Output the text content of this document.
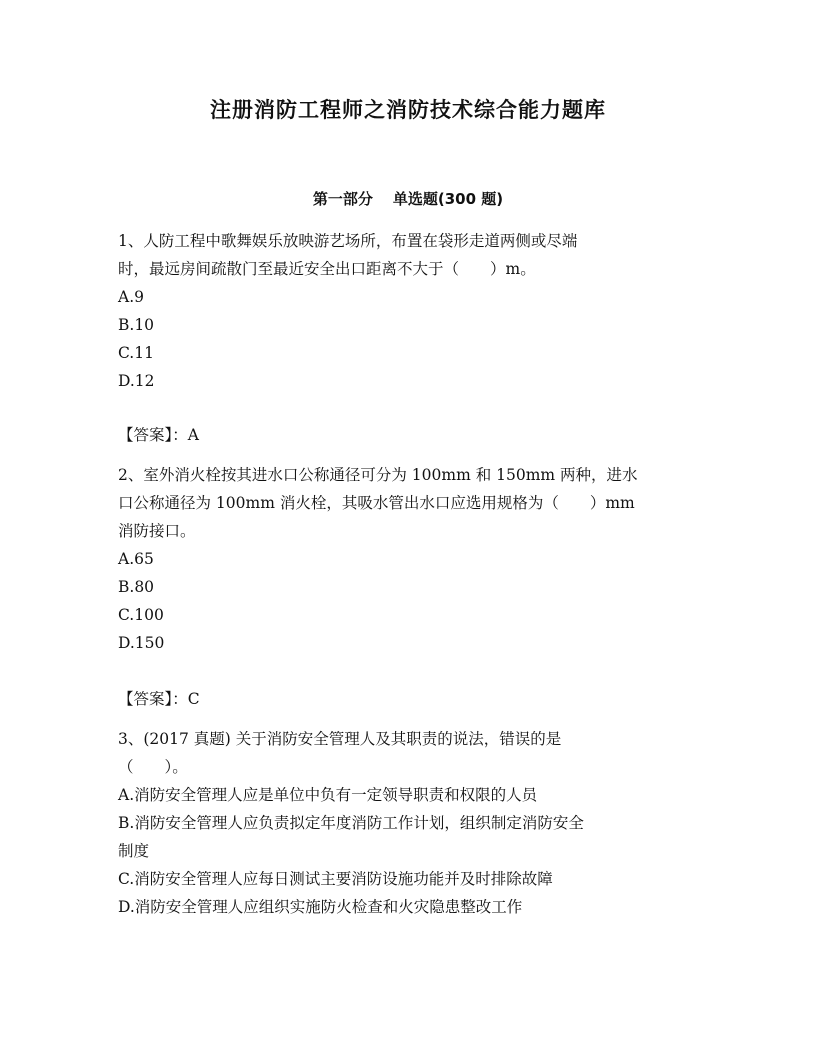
注册消防工程师之消防技术综合能力题库
第一部分 单选题(300 题)
1、人防工程中歌舞娱乐放映游艺场所，布置在袋形走道两侧或尽端
时，最远房间疏散门至最近安全出口距离不大于（　　）m。
A.9
B.10
C.11
D.12
【答案】：A
2、室外消火栓按其进水口公称通径可分为 100mm 和 150mm 两种，进水
口公称通径为 100mm 消火栓，其吸水管出水口应选用规格为（　　）mm
消防接口。
A.65
B.80
C.100
D.150
【答案】：C
3、(2017 真题) 关于消防安全管理人及其职责的说法，错误的是
（　　）。
A.消防安全管理人应是单位中负有一定领导职责和权限的人员
B.消防安全管理人应负责拟定年度消防工作计划，组织制定消防安全
制度
C.消防安全管理人应每日测试主要消防设施功能并及时排除故障
D.消防安全管理人应组织实施防火检查和火灾隐患整改工作
